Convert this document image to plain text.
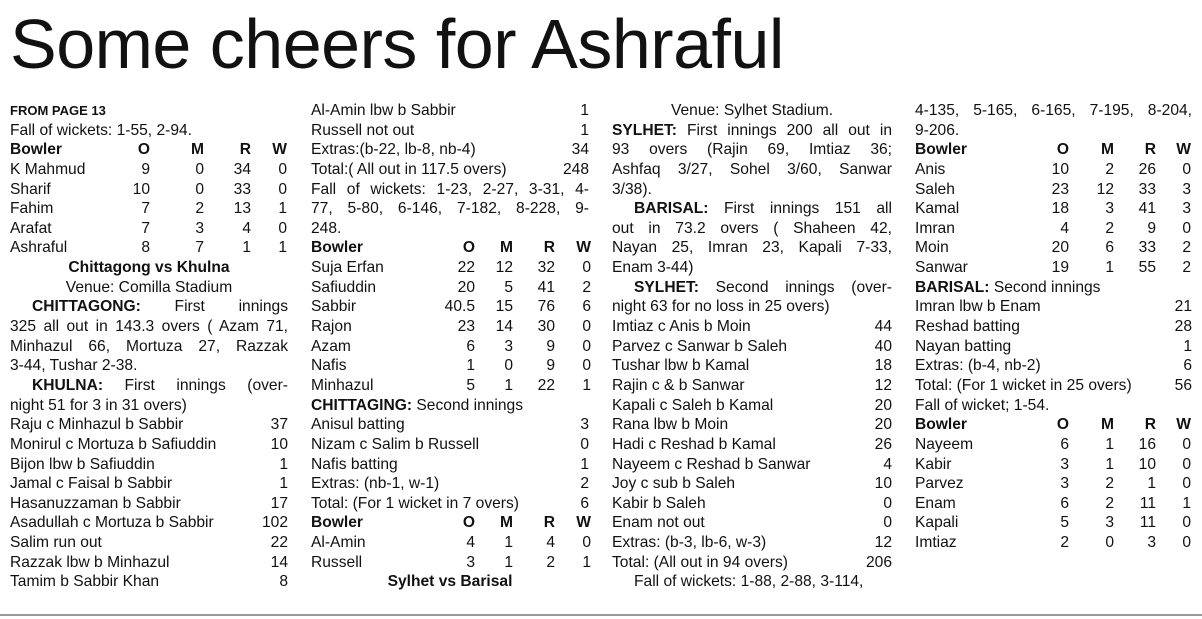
Some cheers for Ashraful
FROM PAGE 13
Fall of wickets: 1-55, 2-94.
Bowler	O	M R W
K Mahmud	9	0 34 0
Sharif	10	0 33 0
Fahim	7	2 13 1
Arafat	7	3 4 0
Ashraful	8	7 1 1
Chittagong vs Khulna
Venue: Comilla Stadium
CHITTAGONG: First innings
325 all out in 143.3 overs ( Azam 71,
Minhazul 66, Mortuza 27, Razzak
3-44, Tushar 2-38.
KHULNA: First innings (over-
night 51 for 3 in 31 overs)
Raju c Minhazul b Sabbir	37
Monirul c Mortuza b Safiuddin	10
Bijon lbw b Safiuddin	1
Jamal c Faisal b Sabbir	1
Hasanuzzaman b Sabbir	17
Asadullah c Mortuza b Sabbir	102
Salim run out	22
Razzak lbw b Minhazul	14
Tamim b Sabbir Khan	8
Al-Amin lbw b Sabbir	1
Russell not out	1
Extras:(b-22, lb-8, nb-4)	34
Total:( All out in 117.5 overs)	248
Fall of wickets: 1-23, 2-27, 3-31, 4-
77, 5-80, 6-146, 7-182, 8-228, 9-
248.
Bowler	O M R W
Suja Erfan	22 12 32 0
Safiuddin	20 5 41 2
Sabbir	40.5 15 76 6
Rajon	23 14 30 0
Azam	6 3 9 0
Nafis	1 0 9 0
Minhazul	5 1 22 1
CHITTAGING: Second innings
Anisul batting	3
Nizam c Salim b Russell	0
Nafis batting	1
Extras: (nb-1, w-1)	2
Total: (For 1 wicket in 7 overs)	6
Bowler	O M R W
Al-Amin	4 1 4 0
Russell	3 1 2 1
Sylhet vs Barisal
Venue: Sylhet Stadium.
SYLHET: First innings 200 all out in
93 overs (Rajin 69, Imtiaz 36;
Ashfaq 3/27, Sohel 3/60, Sanwar
3/38).
BARISAL: First innings 151 all
out in 73.2 overs ( Shaheen 42,
Nayan 25, Imran 23, Kapali 7-33,
Enam 3-44)
SYLHET: Second innings (over-
night 63 for no loss in 25 overs)
Imtiaz c Anis b Moin	44
Parvez c Sanwar b Saleh	40
Tushar lbw b Kamal	18
Rajin c & b Sanwar	12
Kapali c Saleh b Kamal	20
Rana lbw b Moin	20
Hadi c Reshad b Kamal	26
Nayeem c Reshad b Sanwar	4
Joy c sub b Saleh	10
Kabir b Saleh	0
Enam not out	0
Extras: (b-3, lb-6, w-3)	12
Total: (All out in 94 overs)	206
Fall of wickets: 1-88, 2-88, 3-114,
4-135, 5-165, 6-165, 7-195, 8-204,
9-206.
Bowler	O M R W
Anis	10 2 26 0
Saleh	23 12 33 3
Kamal	18 3 41 3
Imran	4 2 9 0
Moin	20 6 33 2
Sanwar	19 1 55 2
BARISAL: Second innings
Imran lbw b Enam	21
Reshad batting	28
Nayan batting	1
Extras: (b-4, nb-2)	6
Total: (For 1 wicket in 25 overs)	56
Fall of wicket; 1-54.
Bowler	O M R W
Nayeem	6 1 16 0
Kabir	3 1 10 0
Parvez	3 2 1 0
Enam	6 2 11 1
Kapali	5 3 11 0
Imtiaz	2 0 3 0
